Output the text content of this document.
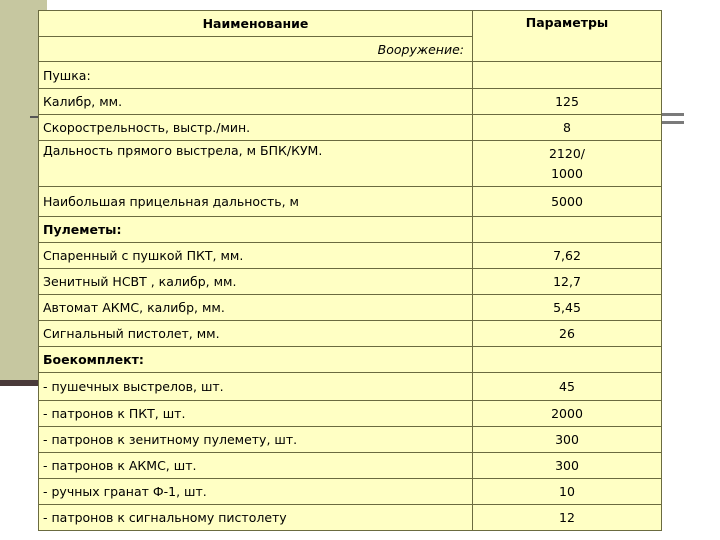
Наименование	Параметры
Вооружение:	
Пушка:	
Калибр, мм.	125
Скорострельность, выстр./мин.	8
Дальность прямого выстрела, м БПК/КУМ.	2120/
1000

Наибольшая прицельная дальность, м	5000
Пулеметы:	
Спаренный с пушкой ПКТ, мм.	7,62
Зенитный НСВТ , калибр, мм.	12,7
Автомат АКМС, калибр, мм.	5,45
Сигнальный пистолет, мм.	26
Боекомплект:	
- пушечных выстрелов, шт.	45
- патронов к ПКТ, шт.	2000
- патронов к зенитному пулемету, шт.	300
- патронов к АКМС, шт.	300
- ручных гранат Ф-1, шт.	10
- патронов к сигнальному пистолету	12
